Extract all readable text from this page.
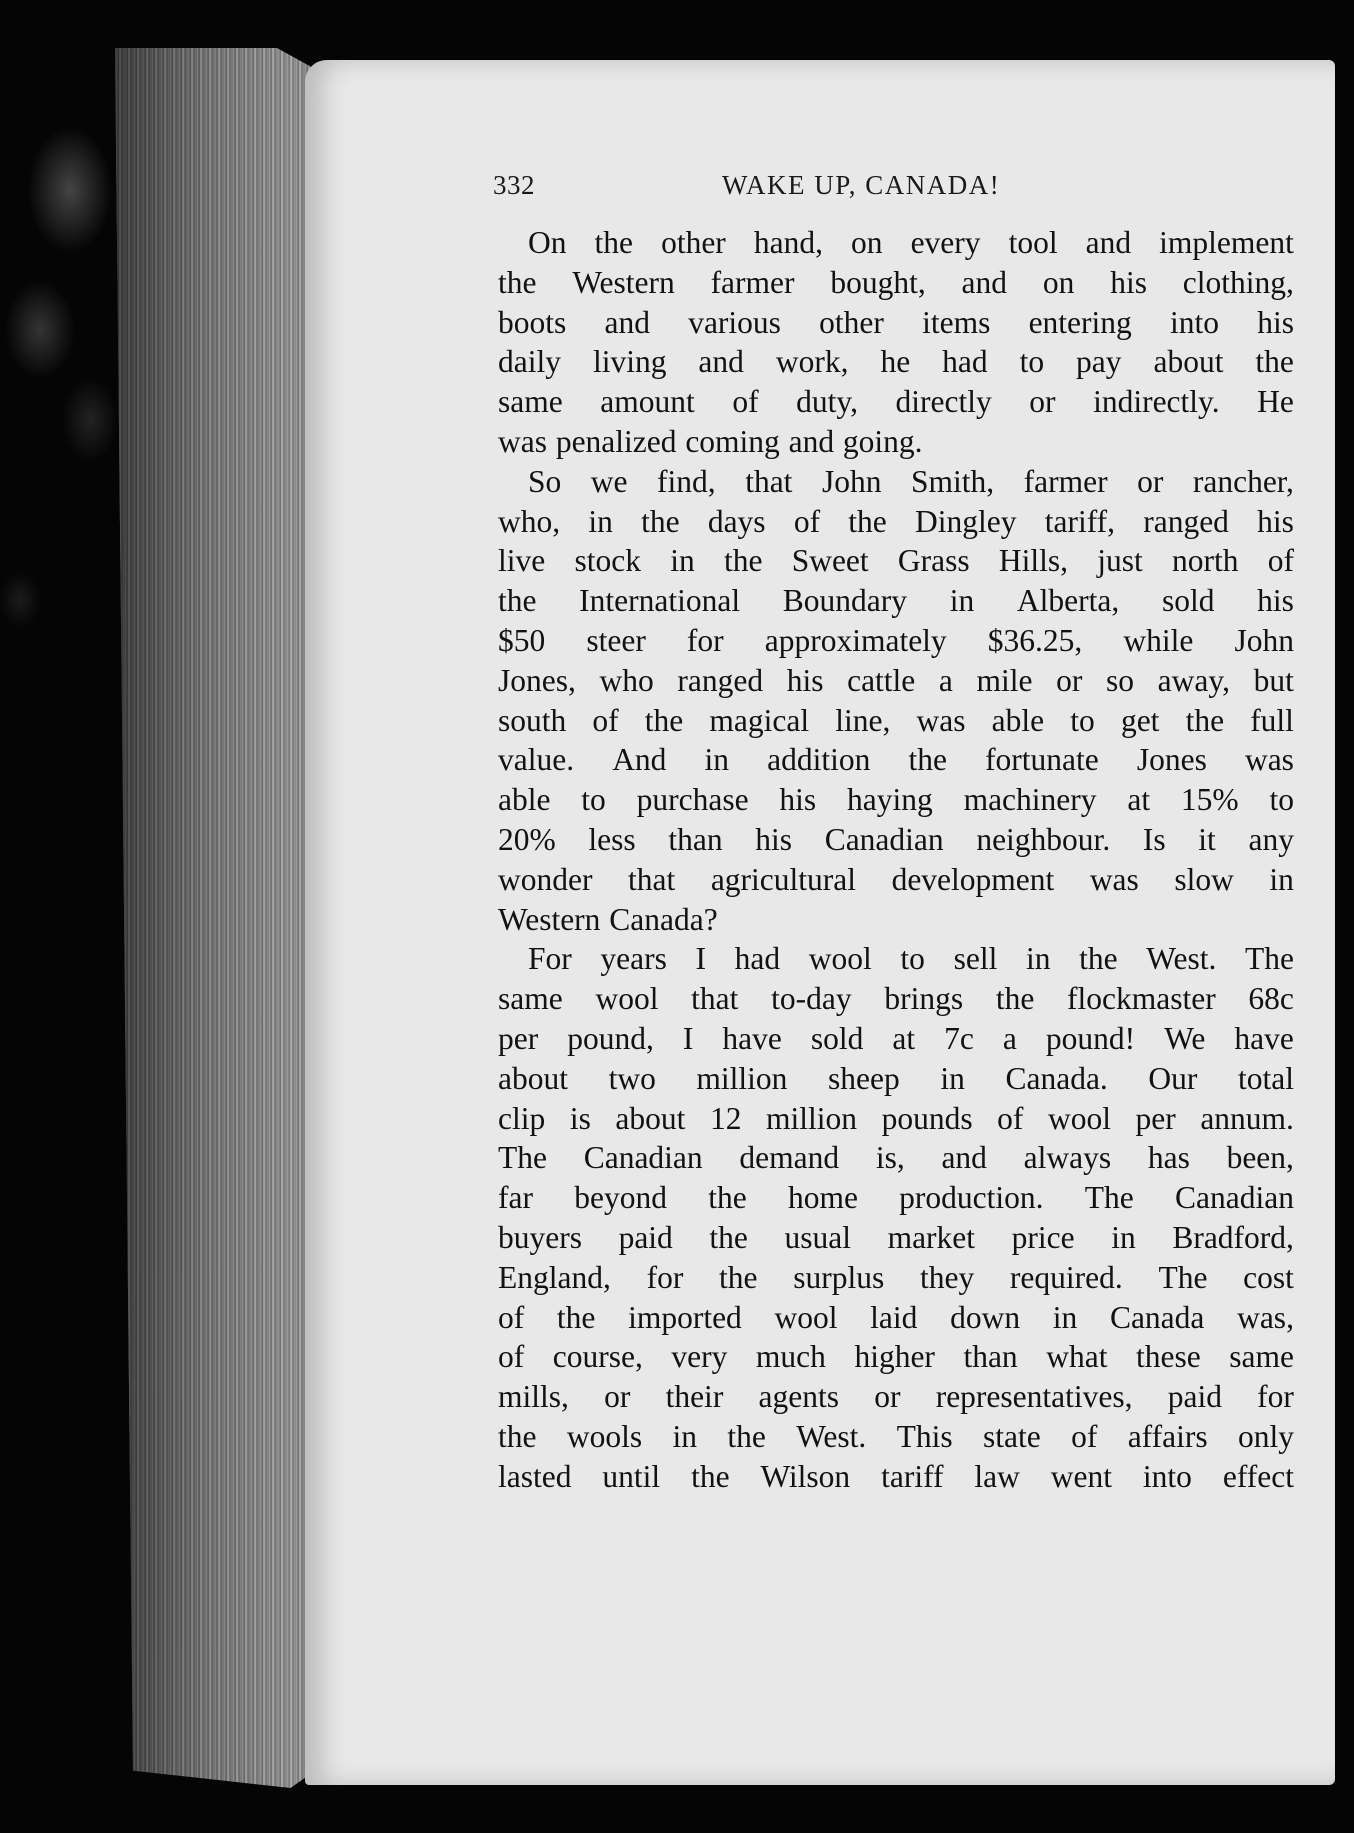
332	WAKE UP, CANADA!
On the other hand, on every tool and implement
the Western farmer bought, and on his clothing,
boots and various other items entering into his
daily living and work, he had to pay about the
same amount of duty, directly or indirectly. He
was penalized coming and going.
So we find, that John Smith, farmer or rancher,
who, in the days of the Dingley tariff, ranged his
live stock in the Sweet Grass Hills, just north of
the International Boundary in Alberta, sold his
$50 steer for approximately $36.25, while John
Jones, who ranged his cattle a mile or so away, but
south of the magical line, was able to get the full
value. And in addition the fortunate Jones was
able to purchase his haying machinery at 15% to
20% less than his Canadian neighbour. Is it any
wonder that agricultural development was slow in
Western Canada?
For years I had wool to sell in the West. The
same wool that to-day brings the flockmaster 68c
per pound, I have sold at 7c a pound! We have
about two million sheep in Canada. Our total
clip is about 12 million pounds of wool per annum.
The Canadian demand is, and always has been,
far beyond the home production. The Canadian
buyers paid the usual market price in Bradford,
England, for the surplus they required. The cost
of the imported wool laid down in Canada was,
of course, very much higher than what these same
mills, or their agents or representatives, paid for
the wools in the West. This state of affairs only
lasted until the Wilson tariff law went into effect
